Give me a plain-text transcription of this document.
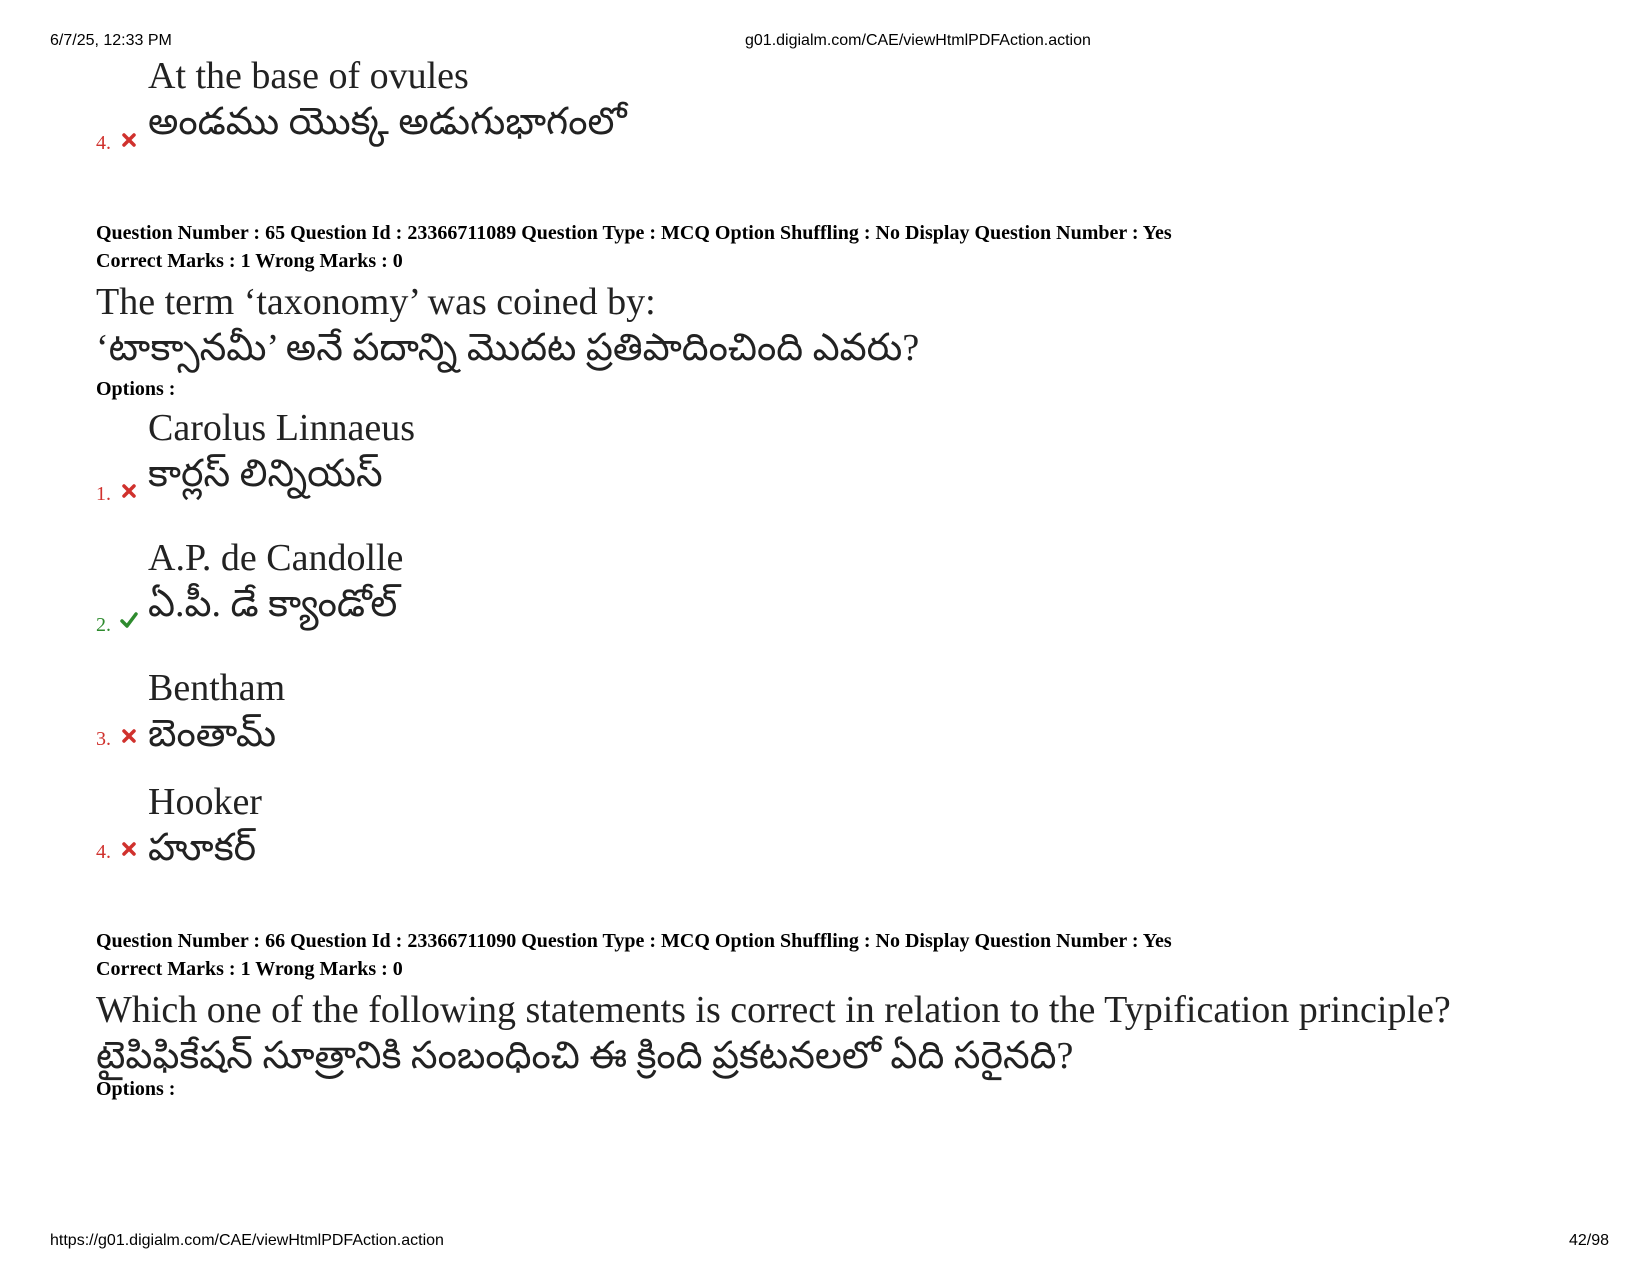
6/7/25, 12:33 PM	g01.digialm.com/CAE/viewHtmlPDFAction.action
At the base of ovules
అండము యొక్క అడుగుభాగంలో
4.
Question Number : 65 Question Id : 23366711089 Question Type : MCQ Option Shuffling : No Display Question Number : Yes
Correct Marks : 1 Wrong Marks : 0
The term ‘taxonomy’ was coined by:
‘టాక్సానమీ’ అనే పదాన్ని మొదట ప్రతిపాదించింది ఎవరు?
Options :
Carolus Linnaeus
కార్లస్ లిన్నియస్
1.
A.P. de Candolle
ఏ.పీ. డే క్యాండోల్
2.
Bentham
బెంతామ్
3.
Hooker
హూకర్
4.
Question Number : 66 Question Id : 23366711090 Question Type : MCQ Option Shuffling : No Display Question Number : Yes
Correct Marks : 1 Wrong Marks : 0
Which one of the following statements is correct in relation to the Typification principle?
టైపిఫికేషన్ సూత్రానికి సంబంధించి ఈ క్రింది ప్రకటనలలో ఏది సరైనది?
Options :
https://g01.digialm.com/CAE/viewHtmlPDFAction.action	42/98
